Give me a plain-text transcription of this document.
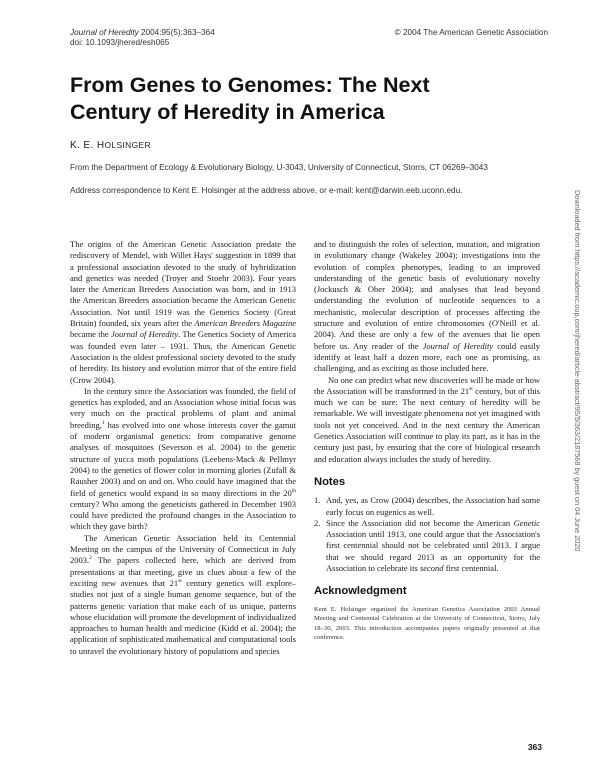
Journal of Heredity 2004:95(5):363–364
doi: 10.1093/jhered/esh065
© 2004 The American Genetic Association
From Genes to Genomes: The Next Century of Heredity in America
K. E. HOLSINGER
From the Department of Ecology & Evolutionary Biology, U-3043, University of Connecticut, Storrs, CT 06269–3043
Address correspondence to Kent E. Holsinger at the address above, or e-mail: kent@darwin.eeb.uconn.edu.

The origins of the American Genetic Association predate the rediscovery of Mendel, with Willet Hays' suggestion in 1899 that a professional association devoted to the study of hybridization and genetics was needed (Troyer and Stoehr 2003). Four years later the American Breeders Association was born, and in 1913 the American Breeders association became the American Genetic Association. Not until 1919 was the Genetics Society (Great Britain) founded, six years after the American Breeders Magazine became the Journal of Heredity. The Genetics Society of America was founded even later – 1931. Thus, the American Genetic Association is the oldest professional society devoted to the study of heredity. Its history and evolution mirror that of the entire field (Crow 2004).

In the century since the Association was founded, the field of genetics has exploded, and an Association whose initial focus was very much on the practical problems of plant and animal breeding,$^1$ has evolved into one whose interests cover the gamut of modern organismal genetics: from comparative genome analyses of mosquitoes (Severson et al. 2004) to the genetic structure of yucca moth populations (Leebens-Mack & Pellmyr 2004) to the genetics of flower color in morning glories (Zufall & Rausher 2003) and on and on. Who could have imagined that the field of genetics would expand in so many directions in the 20th century? Who among the geneticists gathered in December 1903 could have predicted the profound changes in the Association to which they gave birth?

The American Genetic Association held its Centennial Meeting on the campus of the University of Connecticut in July 2003.$^2$ The papers collected here, which are derived from presentations at that meeting, give us clues about a few of the exciting new avenues that 21st century genetics will explore–studies not just of a single human genome sequence, but of the patterns genetic variation that make each of us unique, patterns whose elucidation will promote the development of individualized approaches to human health and medicine (Kidd et al. 2004); the application of sophisticated mathematical and computational tools to unravel the evolutionary history of populations and species

and to distinguish the roles of selection, mutation, and migration in evolutionary change (Wakeley 2004); investigations into the evolution of complex phenotypes, leading to an improved understanding of the genetic basis of evolutionary novelty (Jockusch & Ober 2004); and analyses that lead beyond understanding the evolution of nucleotide sequences to a mechanistic, molecular description of processes affecting the structure and evolution of entire chromosomes (O'Neill et al. 2004). And these are only a few of the avenues that lie open before us. Any reader of the Journal of Heredity could easily identify at least half a dozen more, each one as promising, as challenging, and as exciting as those included here.

No one can predict what new discoveries will be made or how the Association will be transformed in the 21st century, but of this much we can be sure: The next century of heredity will be remarkable. We will investigate phenomena not yet imagined with tools not yet conceived. And in the next century the American Genetics Association will continue to play its part, as it has in the century just past, by ensuring that the core of biological research and education always includes the study of heredity.

Notes
1. And, yes, as Crow (2004) describes, the Association had some early focus on eugenics as well.
2. Since the Association did not become the American Genetic Association until 1913, one could argue that the Association's first centennial should not be celebrated until 2013. I argue that we should regard 2013 as an opportunity for the Association to celebrate its second first centennial.
Acknowledgment

Kent E. Holsinger organized the American Genetics Association 2003 Annual Meeting and Centennial Celebration at the University of Connecticut, Storrs, July 18–30, 2003. This introduction accompanies papers originally presented at that conference.

363
Downloaded from https://academic.oup.com/jhered/article-abstract/95/5/363/2187568 by guest on 04 June 2020
